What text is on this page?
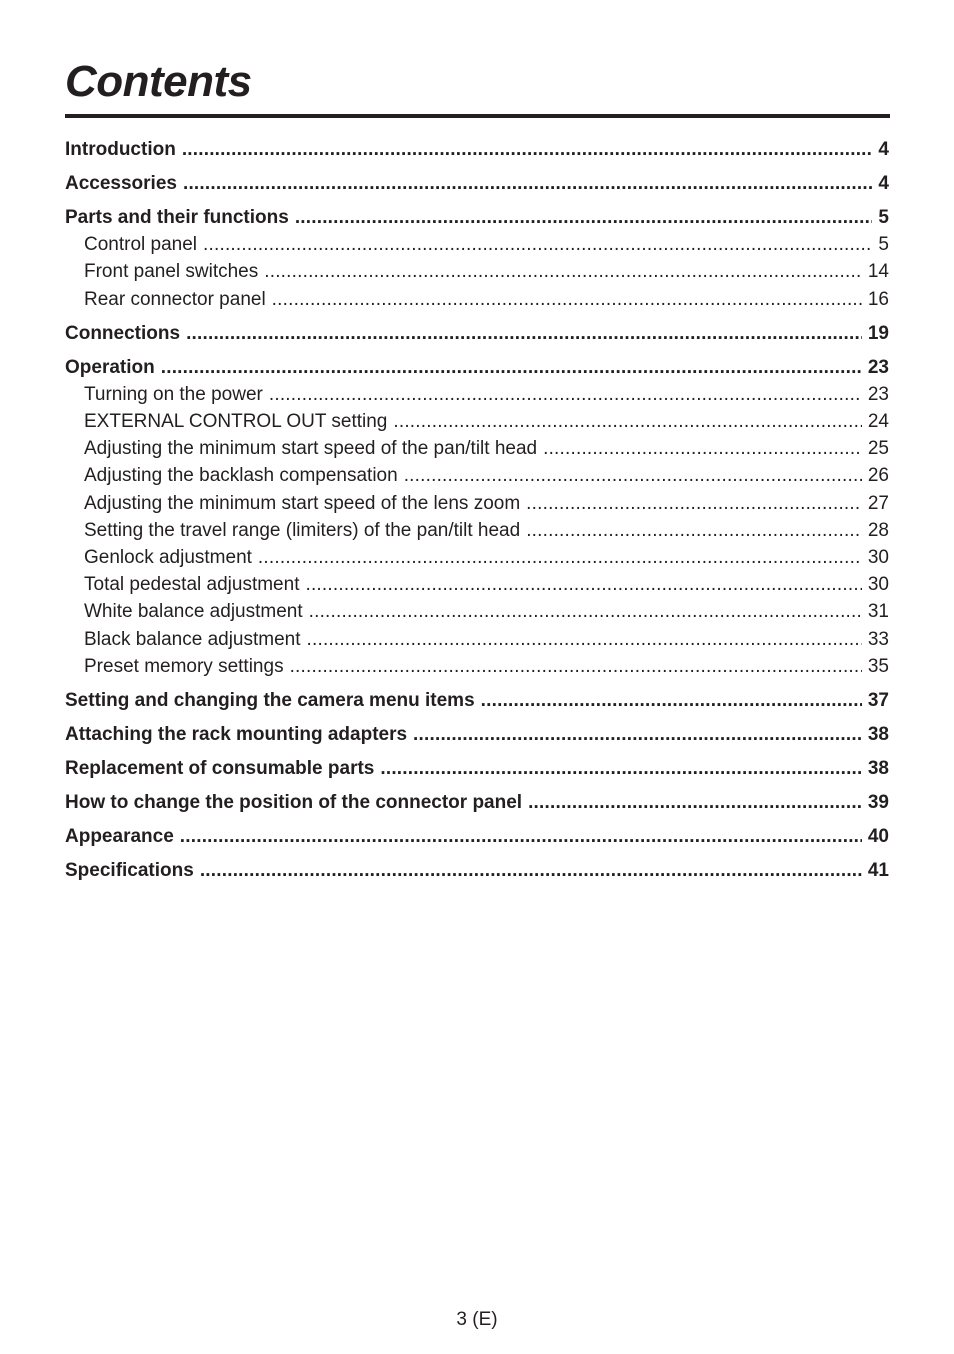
Contents
Introduction .....	4
Accessories .....	4
Parts and their functions .....	5
Control panel .....	5
Front panel switches .....	14
Rear connector panel .....	16
Connections .....	19
Operation .....	23
Turning on the power .....	23
EXTERNAL CONTROL OUT setting .....	24
Adjusting the minimum start speed of the pan/tilt head .....	25
Adjusting the backlash compensation .....	26
Adjusting the minimum start speed of the lens zoom .....	27
Setting the travel range (limiters) of the pan/tilt head .....	28
Genlock adjustment .....	30
Total pedestal adjustment .....	30
White balance adjustment .....	31
Black balance adjustment .....	33
Preset memory settings .....	35
Setting and changing the camera menu items .....	37
Attaching the rack mounting adapters .....	38
Replacement of consumable parts .....	38
How to change the position of the connector panel .....	39
Appearance .....	40
Specifications .....	41
3 (E)
